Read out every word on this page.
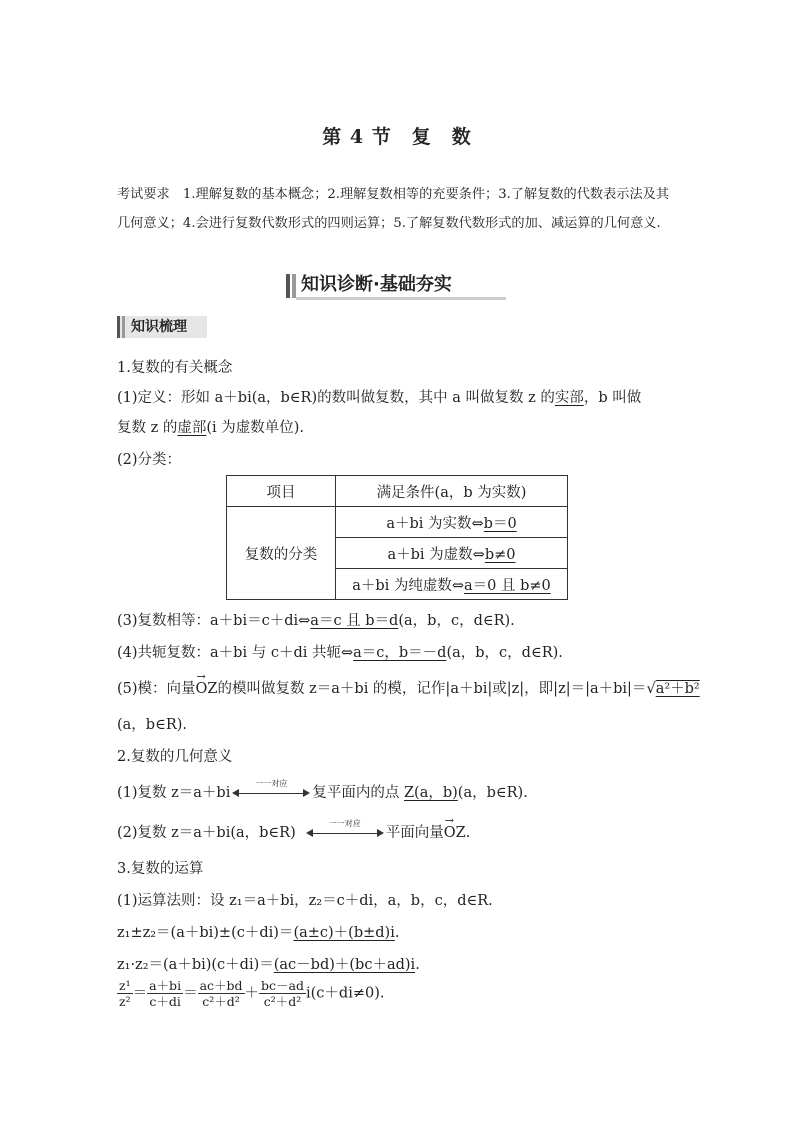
第 4 节　复　数
考试要求　1.理解复数的基本概念；2.理解复数相等的充要条件；3.了解复数的代数表示法及其几何意义；4.会进行复数代数形式的四则运算；5.了解复数代数形式的加、减运算的几何意义.
知识诊断·基础夯实
知识梳理
1.复数的有关概念
(1)定义：形如 a＋bi(a，b∈R)的数叫做复数，其中 a 叫做复数 z 的实部，b 叫做
复数 z 的虚部(i 为虚数单位).
(2)分类：
项目	满足条件(a，b 为实数)
复数的分类	a＋bi 为实数⇔b＝0
	a＋bi 为虚数⇔b≠0
	a＋bi 为纯虚数⇔a＝0 且 b≠0
(3)复数相等：a＋bi＝c＋di⇔a＝c 且 b＝d(a，b，c，d∈R).
(4)共轭复数：a＋bi 与 c＋di 共轭⇔a＝c，b＝－d(a，b，c，d∈R).
(5)模：向量→ OZ的模叫做复数 z＝a＋bi 的模，记作|a＋bi|或|z|，即|z|＝|a＋bi|＝√a²＋b²
(a，b∈R).
2.复数的几何意义
(1)复数 z＝a＋bi
一一对应
复平面内的点 Z(a，b)(a，b∈R).
(2)复数 z＝a＋bi(a，b∈R)
一一对应
平面向量→ OZ.
3.复数的运算
(1)运算法则：设 z₁＝a＋bi，z₂＝c＋di，a，b，c，d∈R.
z₁±z₂＝(a＋bi)±(c＋di)＝(a±c)＋(b±d)i.
z₁·z₂＝(a＋bi)(c＋di)＝(ac－bd)＋(bc＋ad)i.
$\frac{\text{z¹}}{\text{z²}} = \frac{a+bi}{c+di} = \frac{ac+bd}{\text{c²＋d²}} + \frac{bc-ad}{\text{c²＋d²}} i(c+di\ne 0)$.
